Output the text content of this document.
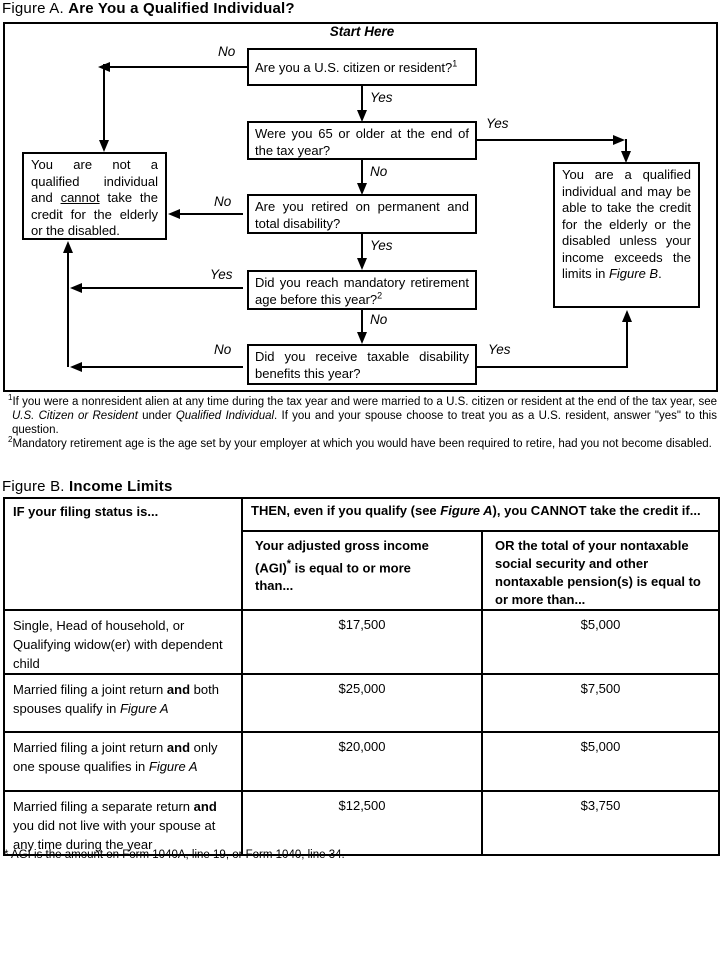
Figure A. Are You a Qualified Individual?
Start Here
Are you a U.S. citizen or resident?$^1$
Were you 65 or older at the end of the tax year?
Are you retired on permanent and total disability?
Did you reach mandatory retirement age before this year?$^2$
Did you receive taxable disability benefits this year?
You are not a qualified individual and cannot take the credit for the elderly or the disabled.
You are a qualified individual and may be able to take the credit for the elderly or the disabled unless your income exceeds the limits in Figure B.
No
Yes
Yes
No
No
Yes
Yes
No
No	Yes

$^1$If you were a nonresident alien at any time during the tax year and were married to a U.S. citizen or resident at the end of the tax year, see U.S. Citizen or Resident under Qualified Individual. If you and your spouse choose to treat you as a U.S. resident, answer "yes" to this question.

$^2$Mandatory retirement age is the age set by your employer at which you would have been required to retire, had you not become disabled.

Figure B. Income Limits
IF your filing status is...	THEN, even if you qualify (see Figure A), you CANNOT take the credit if...	

	Your adjusted gross income (AGI)* is equal to or more than...	OR the total of your nontaxable social security and other nontaxable pension(s) is equal to or more than...

Single, Head of household, or Qualifying widow(er) with dependent child	$17,500	$5,000
Married filing a joint return and both spouses qualify in Figure A	$25,000	$7,500
Married filing a joint return and only one spouse qualifies in Figure A	$20,000	$5,000
Married filing a separate return and you did not live with your spouse at any time during the year	$12,500	$3,750
* AGI is the amount on Form 1040A, line 19, or Form 1040, line 34.
